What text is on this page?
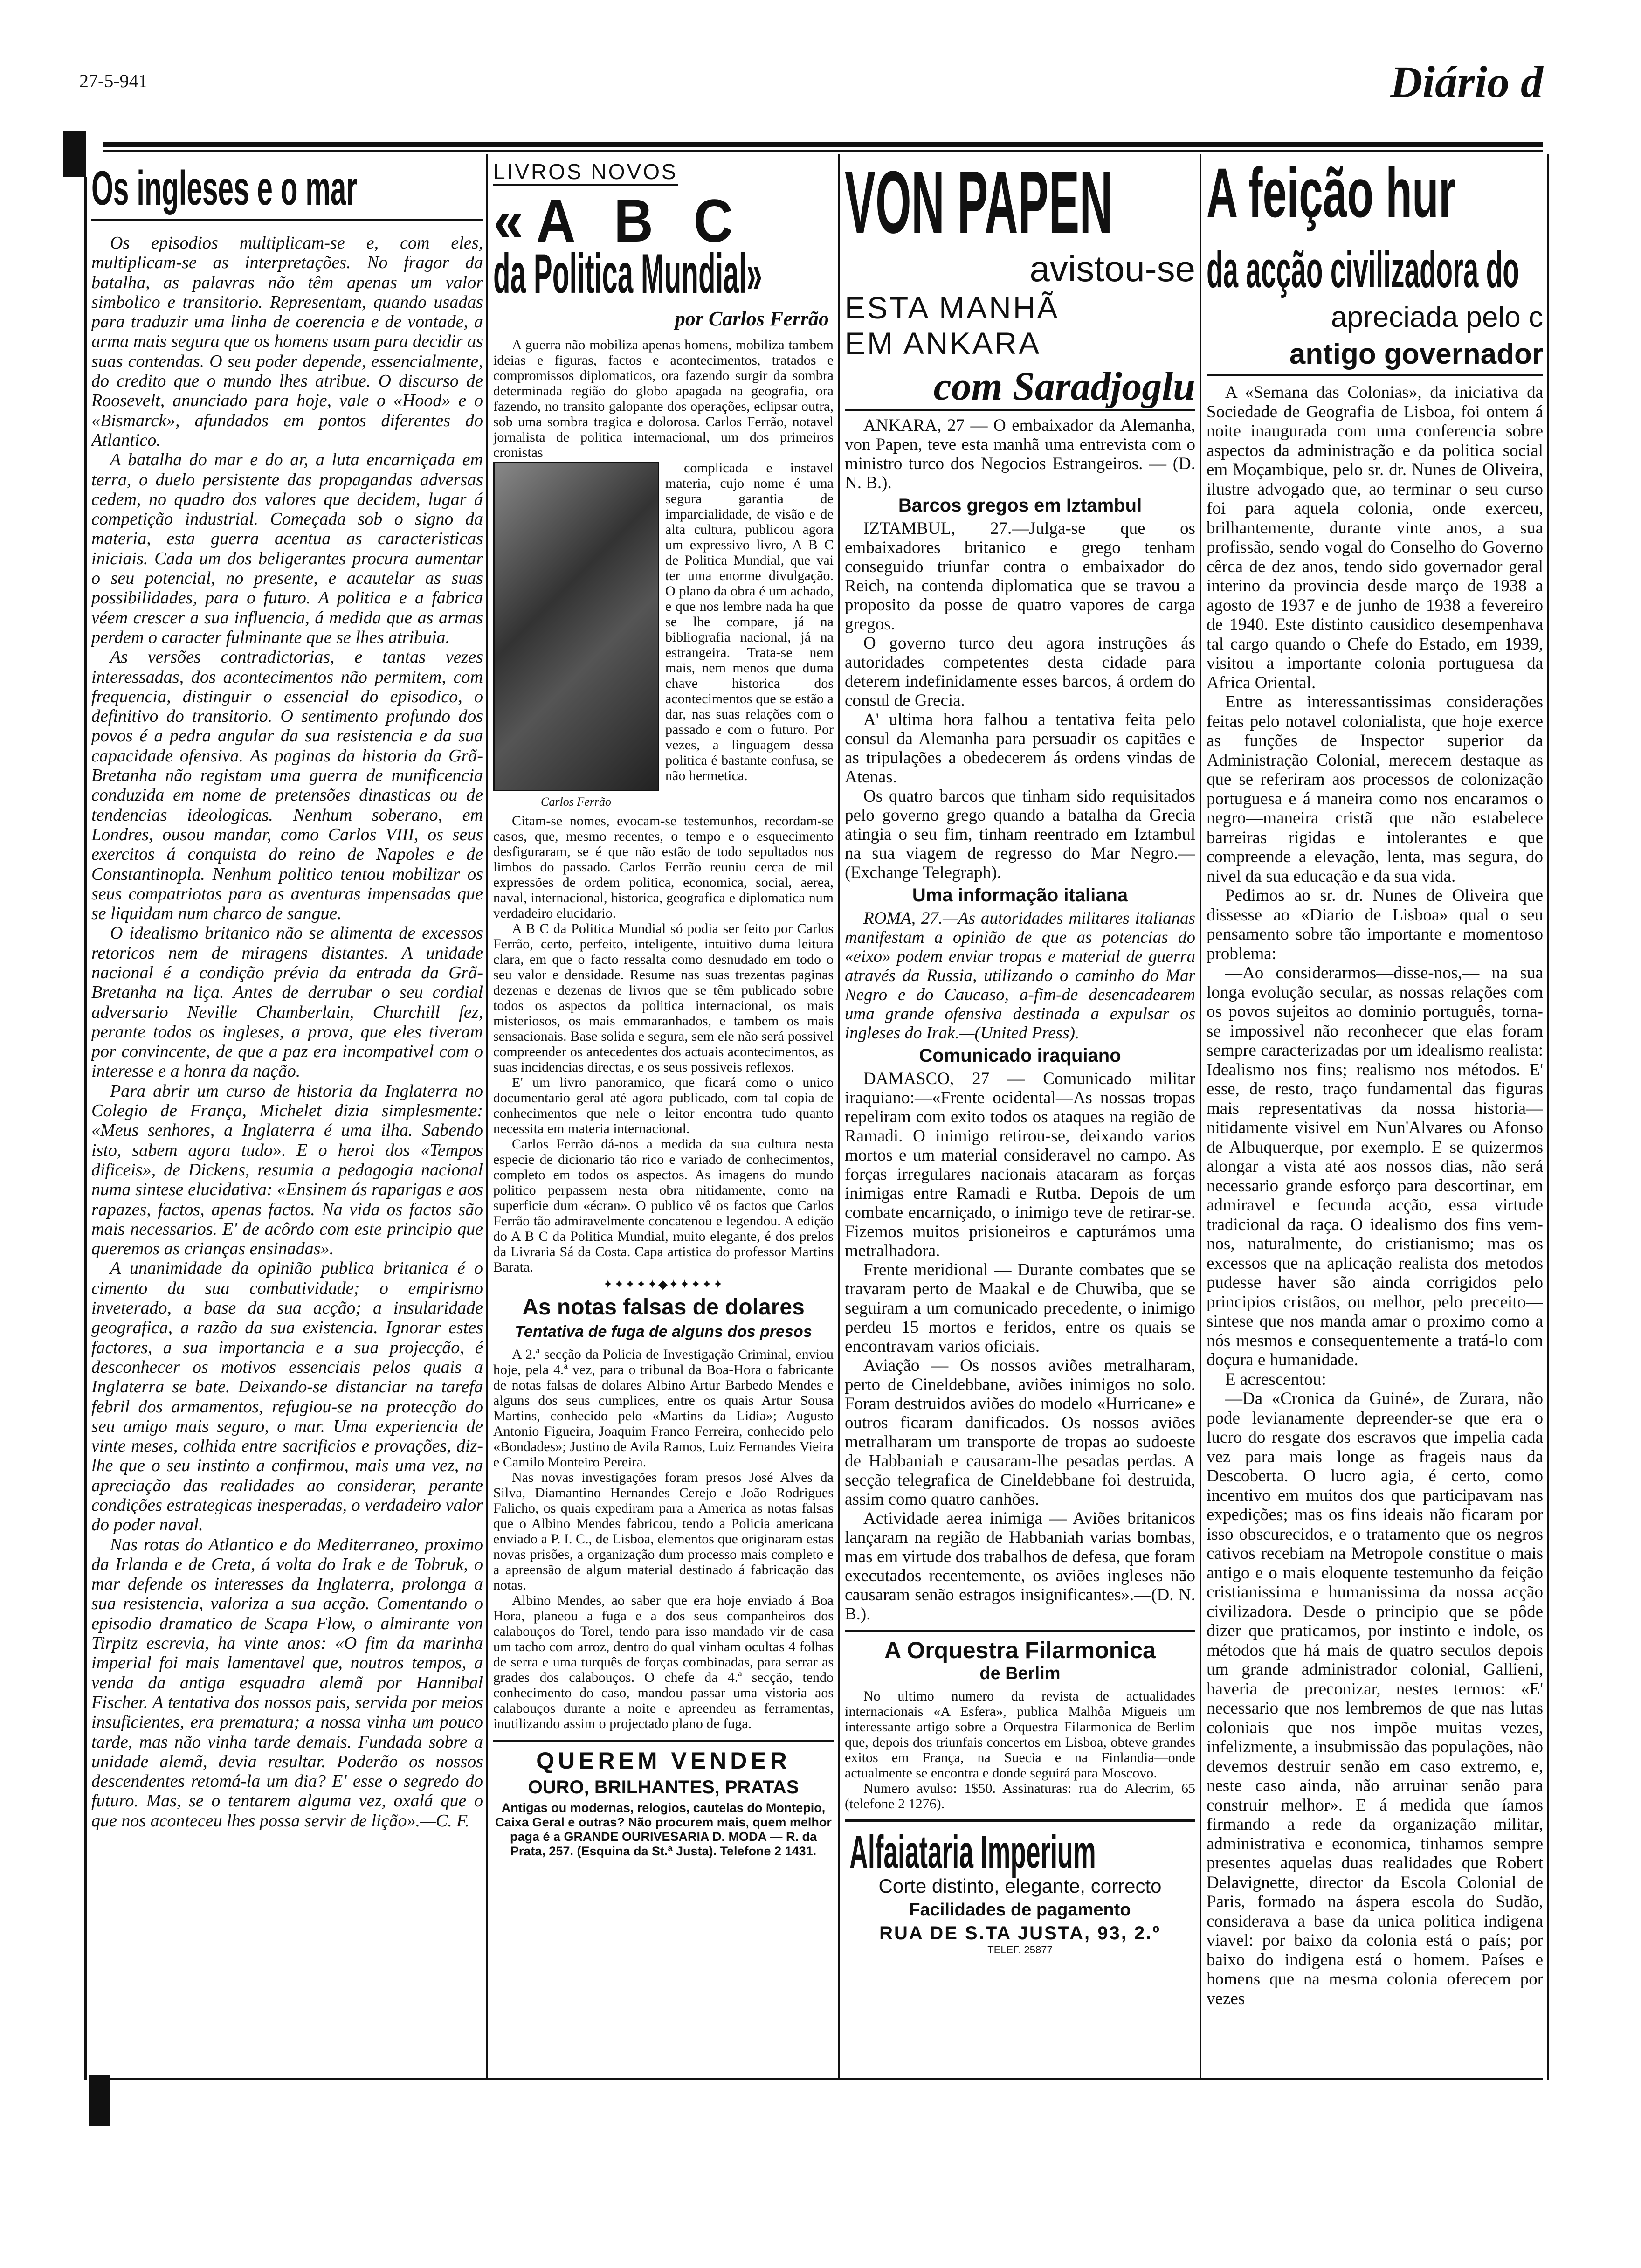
27-5-941	Diário d
Os ingleses e o mar

Os episodios multiplicam-se e, com eles, multiplicam-se as interpretações. No fragor da batalha, as palavras não têm apenas um valor simbolico e transitorio. Representam, quando usadas para traduzir uma linha de coerencia e de vontade, a arma mais segura que os homens usam para decidir as suas contendas. O seu poder depende, essencialmente, do credito que o mundo lhes atribue. O discurso de Roosevelt, anunciado para hoje, vale o «Hood» e o «Bismarck», afundados em pontos diferentes do Atlantico.

A batalha do mar e do ar, a luta encarniçada em terra, o duelo persistente das propagandas adversas cedem, no quadro dos valores que decidem, lugar á competição industrial. Começada sob o signo da materia, esta guerra acentua as caracteristicas iniciais. Cada um dos beligerantes procura aumentar o seu potencial, no presente, e acautelar as suas possibilidades, para o futuro. A politica e a fabrica véem crescer a sua influencia, á medida que as armas perdem o caracter fulminante que se lhes atribuia.

As versões contradictorias, e tantas vezes interessadas, dos acontecimentos não permitem, com frequencia, distinguir o essencial do episodico, o definitivo do transitorio. O sentimento profundo dos povos é a pedra angular da sua resistencia e da sua capacidade ofensiva. As paginas da historia da Grã-Bretanha não registam uma guerra de munificencia conduzida em nome de pretensões dinasticas ou de tendencias ideologicas. Nenhum soberano, em Londres, ousou mandar, como Carlos VIII, os seus exercitos á conquista do reino de Napoles e de Constantinopla. Nenhum politico tentou mobilizar os seus compatriotas para as aventuras impensadas que se liquidam num charco de sangue.

O idealismo britanico não se alimenta de excessos retoricos nem de miragens distantes. A unidade nacional é a condição prévia da entrada da Grã-Bretanha na liça. Antes de derrubar o seu cordial adversario Neville Chamberlain, Churchill fez, perante todos os ingleses, a prova, que eles tiveram por convincente, de que a paz era incompativel com o interesse e a honra da nação.

Para abrir um curso de historia da Inglaterra no Colegio de França, Michelet dizia simplesmente: «Meus senhores, a Inglaterra é uma ilha. Sabendo isto, sabem agora tudo». E o heroi dos «Tempos dificeis», de Dickens, resumia a pedagogia nacional numa sintese elucidativa: «Ensinem ás raparigas e aos rapazes, factos, apenas factos. Na vida os factos são mais necessarios. E' de acôrdo com este principio que queremos as crianças ensinadas».

A unanimidade da opinião publica britanica é o cimento da sua combatividade; o empirismo inveterado, a base da sua acção; a insularidade geografica, a razão da sua existencia. Ignorar estes factores, a sua importancia e a sua projecção, é desconhecer os motivos essenciais pelos quais a Inglaterra se bate. Deixando-se distanciar na tarefa febril dos armamentos, refugiou-se na protecção do seu amigo mais seguro, o mar. Uma experiencia de vinte meses, colhida entre sacrificios e provações, diz-lhe que o seu instinto a confirmou, mais uma vez, na apreciação das realidades ao considerar, perante condições estrategicas inesperadas, o verdadeiro valor do poder naval.

Nas rotas do Atlantico e do Mediterraneo, proximo da Irlanda e de Creta, á volta do Irak e de Tobruk, o mar defende os interesses da Inglaterra, prolonga a sua resistencia, valoriza a sua acção. Comentando o episodio dramatico de Scapa Flow, o almirante von Tirpitz escrevia, ha vinte anos: «O fim da marinha imperial foi mais lamentavel que, noutros tempos, a venda da antiga esquadra alemã por Hannibal Fischer. A tentativa dos nossos pais, servida por meios insuficientes, era prematura; a nossa vinha um pouco tarde, mas não vinha tarde demais. Fundada sobre a unidade alemã, devia resultar. Poderão os nossos descendentes retomá-la um dia? E' esse o segredo do futuro. Mas, se o tentarem alguma vez, oxalá que o que nos aconteceu lhes possa servir de lição».—C. F.

LIVROS NOVOS
«A B C
da Politica Mundial»
por Carlos Ferrão

A guerra não mobiliza apenas homens, mobiliza tambem ideias e figuras, factos e acontecimentos, tratados e compromissos diplomaticos, ora fazendo surgir da sombra determinada região do globo apagada na geografia, ora fazendo, no transito galopante dos operações, eclipsar outra, sob uma sombra tragica e dolorosa. Carlos Ferrão, notavel jornalista de politica internacional, um dos primeiros cronistas

Carlos Ferrão

complicada e instavel materia, cujo nome é uma segura garantia de imparcialidade, de visão e de alta cultura, publicou agora um expressivo livro, A B C de Politica Mundial, que vai ter uma enorme divulgação. O plano da obra é um achado, e que nos lembre nada ha que se lhe compare, já na bibliografia nacional, já na estrangeira. Trata-se nem mais, nem menos que duma chave historica dos acontecimentos que se estão a dar, nas suas relações com o passado e com o futuro. Por vezes, a linguagem dessa politica é bastante confusa, se não hermetica.

Citam-se nomes, evocam-se testemunhos, recordam-se casos, que, mesmo recentes, o tempo e o esquecimento desfiguraram, se é que não estão de todo sepultados nos limbos do passado. Carlos Ferrão reuniu cerca de mil expressões de ordem politica, economica, social, aerea, naval, internacional, historica, geografica e diplomatica num verdadeiro elucidario.

A B C da Politica Mundial só podia ser feito por Carlos Ferrão, certo, perfeito, inteligente, intuitivo duma leitura clara, em que o facto ressalta como desnudado em todo o seu valor e densidade. Resume nas suas trezentas paginas dezenas e dezenas de livros que se têm publicado sobre todos os aspectos da politica internacional, os mais misteriosos, os mais emmaranhados, e tambem os mais sensacionais. Base solida e segura, sem ele não será possivel compreender os antecedentes dos actuais acontecimentos, as suas incidencias directas, e os seus possiveis reflexos.

E' um livro panoramico, que ficará como o unico documentario geral até agora publicado, com tal copia de conhecimentos que nele o leitor encontra tudo quanto necessita em materia internacional.

Carlos Ferrão dá-nos a medida da sua cultura nesta especie de dicionario tão rico e variado de conhecimentos, completo em todos os aspectos. As imagens do mundo politico perpassem nesta obra nitidamente, como na superficie dum «écran». O publico vê os factos que Carlos Ferrão tão admiravelmente concatenou e legendou. A edição do A B C da Politica Mundial, muito elegante, é dos prelos da Livraria Sá da Costa. Capa artistica do professor Martins Barata.

✦✦✦✦✦◆✦✦✦✦✦
As notas falsas de dolares
Tentativa de fuga de alguns dos presos

A 2.ª secção da Policia de Investigação Criminal, enviou hoje, pela 4.ª vez, para o tribunal da Boa-Hora o fabricante de notas falsas de dolares Albino Artur Barbedo Mendes e alguns dos seus cumplices, entre os quais Artur Sousa Martins, conhecido pelo «Martins da Lidia»; Augusto Antonio Figueira, Joaquim Franco Ferreira, conhecido pelo «Bondades»; Justino de Avila Ramos, Luiz Fernandes Vieira e Camilo Monteiro Pereira.

Nas novas investigações foram presos José Alves da Silva, Diamantino Hernandes Cerejo e João Rodrigues Falicho, os quais expediram para a America as notas falsas que o Albino Mendes fabricou, tendo a Policia americana enviado a P. I. C., de Lisboa, elementos que originaram estas novas prisões, a organização dum processo mais completo e a apreensão de algum material destinado á fabricação das notas.

Albino Mendes, ao saber que era hoje enviado á Boa Hora, planeou a fuga e a dos seus companheiros dos calabouços do Torel, tendo para isso mandado vir de casa um tacho com arroz, dentro do qual vinham ocultas 4 folhas de serra e uma turquês de forças combinadas, para serrar as grades dos calabouços. O chefe da 4.ª secção, tendo conhecimento do caso, mandou passar uma vistoria aos calabouços durante a noite e apreendeu as ferramentas, inutilizando assim o projectado plano de fuga.

QUEREM VENDER
OURO, BRILHANTES, PRATAS
Antigas ou modernas, relogios, cautelas do Montepio, Caixa Geral e outras? Não procurem mais, quem melhor paga é a GRANDE OURIVESARIA D. MODA — R. da Prata, 257. (Esquina da St.ª Justa). Telefone 2 1431.
VON PAPEN
avistou-se
ESTA MANHÃ
EM ANKARA
com Saradjoglu

ANKARA, 27 — O embaixador da Alemanha, von Papen, teve esta manhã uma entrevista com o ministro turco dos Negocios Estrangeiros. — (D. N. B.).

Barcos gregos em Iztambul

IZTAMBUL, 27.—Julga-se que os embaixadores britanico e grego tenham conseguido triunfar contra o embaixador do Reich, na contenda diplomatica que se travou a proposito da posse de quatro vapores de carga gregos.

O governo turco deu agora instruções ás autoridades competentes desta cidade para deterem indefinidamente esses barcos, á ordem do consul de Grecia.

A' ultima hora falhou a tentativa feita pelo consul da Alemanha para persuadir os capitães e as tripulações a obedecerem ás ordens vindas de Atenas.

Os quatro barcos que tinham sido requisitados pelo governo grego quando a batalha da Grecia atingia o seu fim, tinham reentrado em Iztambul na sua viagem de regresso do Mar Negro.—(Exchange Telegraph).

Uma informação italiana

ROMA, 27.—As autoridades militares italianas manifestam a opinião de que as potencias do «eixo» podem enviar tropas e material de guerra através da Russia, utilizando o caminho do Mar Negro e do Caucaso, a-fim-de desencadearem uma grande ofensiva destinada a expulsar os ingleses do Irak.—(United Press).

Comunicado iraquiano

DAMASCO, 27 — Comunicado militar iraquiano:—«Frente ocidental—As nossas tropas repeliram com exito todos os ataques na região de Ramadi. O inimigo retirou-se, deixando varios mortos e um material consideravel no campo. As forças irregulares nacionais atacaram as forças inimigas entre Ramadi e Rutba. Depois de um combate encarniçado, o inimigo teve de retirar-se. Fizemos muitos prisioneiros e capturámos uma metralhadora.

Frente meridional — Durante combates que se travaram perto de Maakal e de Chuwiba, que se seguiram a um comunicado precedente, o inimigo perdeu 15 mortos e feridos, entre os quais se encontravam varios oficiais.

Aviação — Os nossos aviões metralharam, perto de Cineldebbane, aviões inimigos no solo. Foram destruidos aviões do modelo «Hurricane» e outros ficaram danificados. Os nossos aviões metralharam um transporte de tropas ao sudoeste de Habbaniah e causaram-lhe pesadas perdas. A secção telegrafica de Cineldebbane foi destruida, assim como quatro canhões.

Actividade aerea inimiga — Aviões britanicos lançaram na região de Habbaniah varias bombas, mas em virtude dos trabalhos de defesa, que foram executados recentemente, os aviões ingleses não causaram senão estragos insignificantes».—(D. N. B.).

A Orquestra Filarmonica
de Berlim

No ultimo numero da revista de actualidades internacionais «A Esfera», publica Malhôa Migueis um interessante artigo sobre a Orquestra Filarmonica de Berlim que, depois dos triunfais concertos em Lisboa, obteve grandes exitos em França, na Suecia e na Finlandia—onde actualmente se encontra e donde seguirá para Moscovo.

Numero avulso: 1$50. Assinaturas: rua do Alecrim, 65 (telefone 2 1276).

Alfaiataria Imperium
Corte distinto, elegante, correcto
Facilidades de pagamento
RUA DE S.TA JUSTA, 93, 2.º
TELEF. 25877
A feição hur
da acção civilizadora do
apreciada pelo c
antigo governador

A «Semana das Colonias», da iniciativa da Sociedade de Geografia de Lisboa, foi ontem á noite inaugurada com uma conferencia sobre aspectos da administração e da politica social em Moçambique, pelo sr. dr. Nunes de Oliveira, ilustre advogado que, ao terminar o seu curso foi para aquela colonia, onde exerceu, brilhantemente, durante vinte anos, a sua profissão, sendo vogal do Conselho do Governo cêrca de dez anos, tendo sido governador geral interino da provincia desde março de 1938 a agosto de 1937 e de junho de 1938 a fevereiro de 1940. Este distinto causidico desempenhava tal cargo quando o Chefe do Estado, em 1939, visitou a importante colonia portuguesa da Africa Oriental.

Entre as interessantissimas considerações feitas pelo notavel colonialista, que hoje exerce as funções de Inspector superior da Administração Colonial, merecem destaque as que se referiram aos processos de colonização portuguesa e á maneira como nos encaramos o negro—maneira cristã que não estabelece barreiras rigidas e intolerantes e que compreende a elevação, lenta, mas segura, do nivel da sua educação e da sua vida.

Pedimos ao sr. dr. Nunes de Oliveira que dissesse ao «Diario de Lisboa» qual o seu pensamento sobre tão importante e momentoso problema:

—Ao considerarmos—disse-nos,— na sua longa evolução secular, as nossas relações com os povos sujeitos ao dominio português, torna-se impossivel não reconhecer que elas foram sempre caracterizadas por um idealismo realista: Idealismo nos fins; realismo nos métodos. E' esse, de resto, traço fundamental das figuras mais representativas da nossa historia—nitidamente visivel em Nun'Alvares ou Afonso de Albuquerque, por exemplo. E se quizermos alongar a vista até aos nossos dias, não será necessario grande esforço para descortinar, em admiravel e fecunda acção, essa virtude tradicional da raça. O idealismo dos fins vem-nos, naturalmente, do cristianismo; mas os excessos que na aplicação realista dos metodos pudesse haver são ainda corrigidos pelo principios cristãos, ou melhor, pelo preceito—sintese que nos manda amar o proximo como a nós mesmos e consequentemente a tratá-lo com doçura e humanidade.

E acrescentou:

—Da «Cronica da Guiné», de Zurara, não pode levianamente depreender-se que era o lucro do resgate dos escravos que impelia cada vez para mais longe as frageis naus da Descoberta. O lucro agia, é certo, como incentivo em muitos dos que participavam nas expedições; mas os fins ideais não ficaram por isso obscurecidos, e o tratamento que os negros cativos recebiam na Metropole constitue o mais antigo e o mais eloquente testemunho da feição cristianissima e humanissima da nossa acção civilizadora. Desde o principio que se pôde dizer que praticamos, por instinto e indole, os métodos que há mais de quatro seculos depois um grande administrador colonial, Gallieni, haveria de preconizar, nestes termos: «E' necessario que nos lembremos de que nas lutas coloniais que nos impõe muitas vezes, infelizmente, a insubmissão das populações, não devemos destruir senão em caso extremo, e, neste caso ainda, não arruinar senão para construir melhor». E á medida que íamos firmando a rede da organização militar, administrativa e economica, tinhamos sempre presentes aquelas duas realidades que Robert Delavignette, director da Escola Colonial de Paris, formado na áspera escola do Sudão, considerava a base da unica politica indigena viavel: por baixo da colonia está o país; por baixo do indigena está o homem. Países e homens que na mesma colonia oferecem por vezes
